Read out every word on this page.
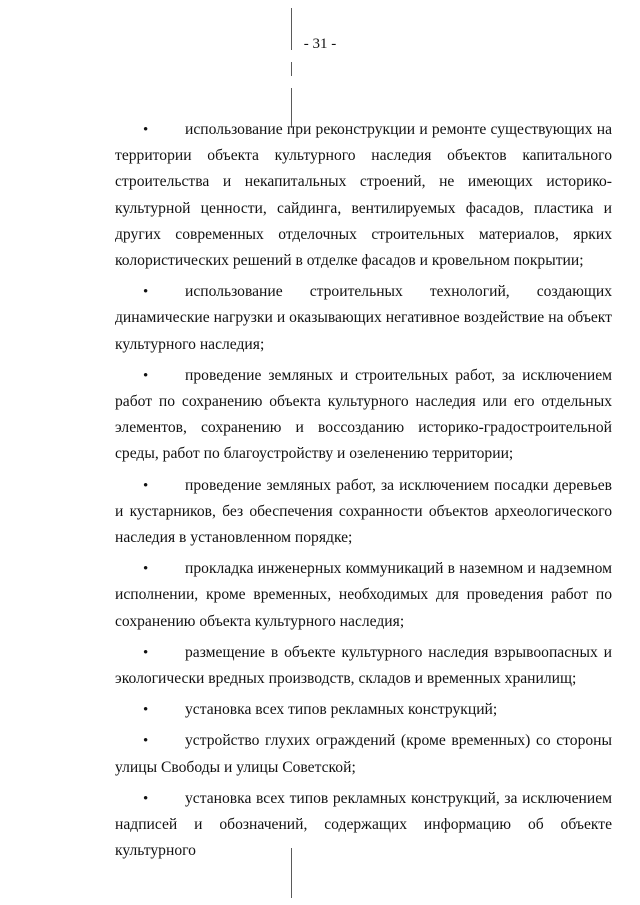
- 31 -

• использование при реконструкции и ремонте существующих на территории объекта культурного наследия объектов капитального строительства и некапитальных строений, не имеющих историко-культурной ценности, сайдинга, вентилируемых фасадов, пластика и других современных отделочных строительных материалов, ярких колористических решений в отделке фасадов и кровельном покрытии;

• использование строительных технологий, создающих динамические нагрузки и оказывающих негативное воздействие на объект культурного наследия;

• проведение земляных и строительных работ, за исключением работ по сохранению объекта культурного наследия или его отдельных элементов, сохранению и воссозданию историко-градостроительной среды, работ по благоустройству и озеленению территории;

• проведение земляных работ, за исключением посадки деревьев и кустарников, без обеспечения сохранности объектов археологического наследия в установленном порядке;

• прокладка инженерных коммуникаций в наземном и надземном исполнении, кроме временных, необходимых для проведения работ по сохранению объекта культурного наследия;

• размещение в объекте культурного наследия взрывоопасных и экологически вредных производств, складов и временных хранилищ;

• установка всех типов рекламных конструкций;

• устройство глухих ограждений (кроме временных) со стороны улицы Свободы и улицы Советской;

• установка всех типов рекламных конструкций, за исключением надписей и обозначений, содержащих информацию об объекте культурного
